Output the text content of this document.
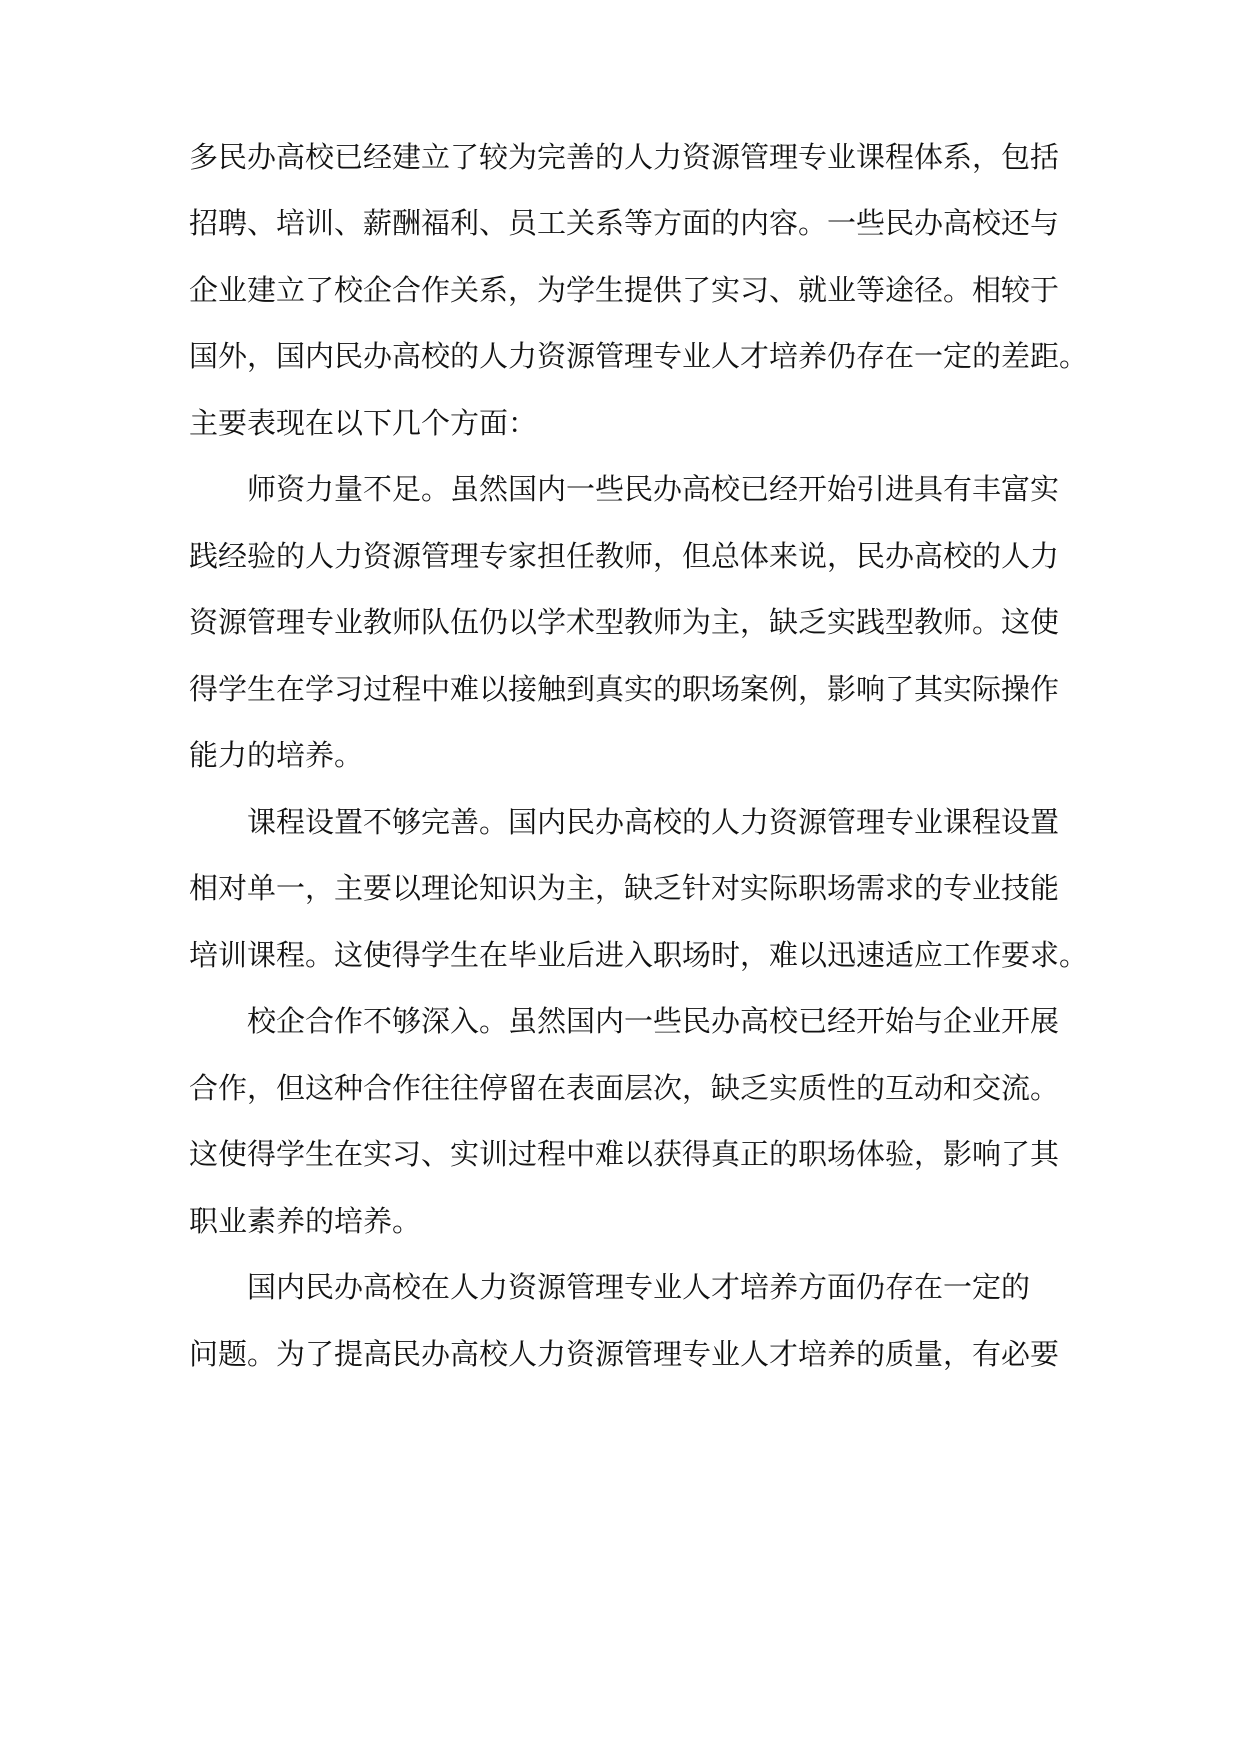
多民办高校已经建立了较为完善的人力资源管理专业课程体系，包括
招聘、培训、薪酬福利、员工关系等方面的内容。一些民办高校还与
企业建立了校企合作关系，为学生提供了实习、就业等途径。相较于
国外，国内民办高校的人力资源管理专业人才培养仍存在一定的差距。
主要表现在以下几个方面：
师资力量不足。虽然国内一些民办高校已经开始引进具有丰富实
践经验的人力资源管理专家担任教师，但总体来说，民办高校的人力
资源管理专业教师队伍仍以学术型教师为主，缺乏实践型教师。这使
得学生在学习过程中难以接触到真实的职场案例，影响了其实际操作
能力的培养。
课程设置不够完善。国内民办高校的人力资源管理专业课程设置
相对单一，主要以理论知识为主，缺乏针对实际职场需求的专业技能
培训课程。这使得学生在毕业后进入职场时，难以迅速适应工作要求。
校企合作不够深入。虽然国内一些民办高校已经开始与企业开展
合作，但这种合作往往停留在表面层次，缺乏实质性的互动和交流。
这使得学生在实习、实训过程中难以获得真正的职场体验，影响了其
职业素养的培养。
国内民办高校在人力资源管理专业人才培养方面仍存在一定的
问题。为了提高民办高校人力资源管理专业人才培养的质量，有必要
